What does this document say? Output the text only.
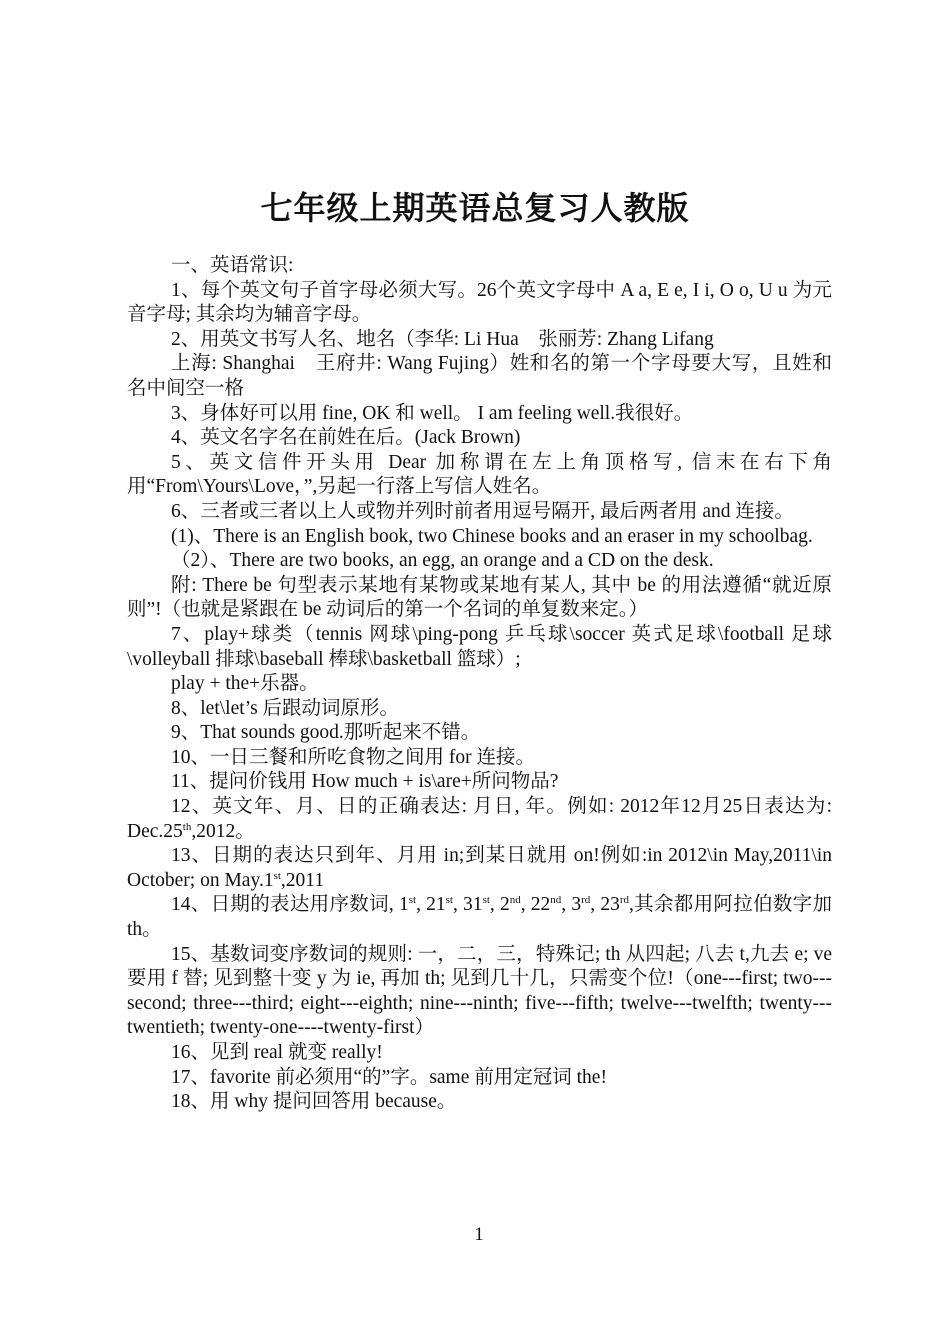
七年级上期英语总复习人教版

一、英语常识:

1、每个英文句子首字母必须大写。26个英文字母中 A a, E e, I i, O o, U u 为元音字母; 其余均为辅音字母。

2、用英文书写人名、地名（李华: Li Hua　张丽芳: Zhang Lifang

上海: Shanghai　王府井: Wang Fujing）姓和名的第一个字母要大写，且姓和名中间空一格

3、身体好可以用 fine, OK 和 well。 I am feeling well.我很好。

4、英文名字名在前姓在后。(Jack Brown)

5、英文信件开头用 Dear 加称谓在左上角顶格写, 信末在右下角用“From\Yours\Love，”,另起一行落上写信人姓名。

6、三者或三者以上人或物并列时前者用逗号隔开, 最后两者用 and 连接。

(1)、There is an English book, two Chinese books and an eraser in my schoolbag.

（2）、There are two books, an egg, an orange and a CD on the desk.

附: There be 句型表示某地有某物或某地有某人, 其中 be 的用法遵循“就近原则”!（也就是紧跟在 be 动词后的第一个名词的单复数来定。）

7、play+球类（tennis 网球\ping-pong 乒乓球\soccer 英式足球\football 足球\volleyball 排球\baseball 棒球\basketball 篮球）;

play + the+乐器。

8、let\let’s 后跟动词原形。

9、That sounds good.那听起来不错。

10、一日三餐和所吃食物之间用 for 连接。

11、提问价钱用 How much + is\are+所问物品?

12、英文年、月、日的正确表达: 月日, 年。例如: 2012年12月25日表达为: Dec.25th,2012。

13、日期的表达只到年、月用 in;到某日就用 on!例如:in 2012\in May,2011\in October; on May.1st,2011

14、日期的表达用序数词, 1st, 21st, 31st, 2nd, 22nd, 3rd, 23rd,其余都用阿拉伯数字加 th。

15、基数词变序数词的规则: 一，二，三，特殊记; th 从四起; 八去 t,九去 e; ve 要用 f 替; 见到整十变 y 为 ie, 再加 th; 见到几十几，只需变个位!（one---first; two---second; three---third; eight---eighth; nine---ninth; five---fifth; twelve---twelfth; twenty---twentieth; twenty-one----twenty-first）

16、见到 real 就变 really!

17、favorite 前必须用“的”字。same 前用定冠词 the!

18、用 why 提问回答用 because。

1
